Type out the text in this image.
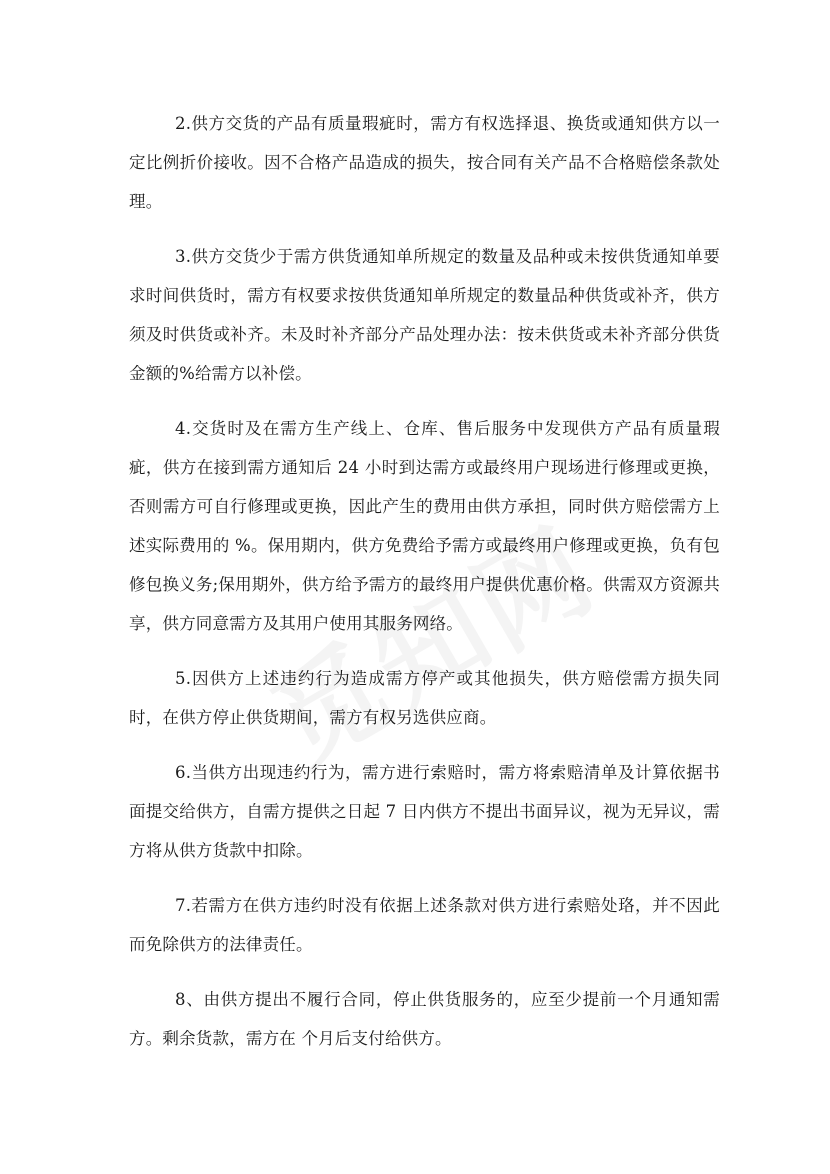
2.供方交货的产品有质量瑕疵时，需方有权选择退、换货或通知供方以一定比例折价接收。因不合格产品造成的损失，按合同有关产品不合格赔偿条款处理。

3.供方交货少于需方供货通知单所规定的数量及品种或未按供货通知单要求时间供货时，需方有权要求按供货通知单所规定的数量品种供货或补齐，供方须及时供货或补齐。未及时补齐部分产品处理办法：按未供货或未补齐部分供货金额的%给需方以补偿。

4.交货时及在需方生产线上、仓库、售后服务中发现供方产品有质量瑕疵，供方在接到需方通知后 24 小时到达需方或最终用户现场进行修理或更换，否则需方可自行修理或更换，因此产生的费用由供方承担，同时供方赔偿需方上述实际费用的 %。保用期内，供方免费给予需方或最终用户修理或更换，负有包修包换义务;保用期外，供方给予需方的最终用户提供优惠价格。供需双方资源共享，供方同意需方及其用户使用其服务网络。

5.因供方上述违约行为造成需方停产或其他损失，供方赔偿需方损失同时，在供方停止供货期间，需方有权另选供应商。

6.当供方出现违约行为，需方进行索赔时，需方将索赔清单及计算依据书面提交给供方，自需方提供之日起 7 日内供方不提出书面异议，视为无异议，需方将从供方货款中扣除。

7.若需方在供方违约时没有依据上述条款对供方进行索赔处珞，并不因此而免除供方的法律责任。

8、由供方提出不履行合同，停止供货服务的，应至少提前一个月通知需方。剩余货款，需方在 个月后支付给供方。
